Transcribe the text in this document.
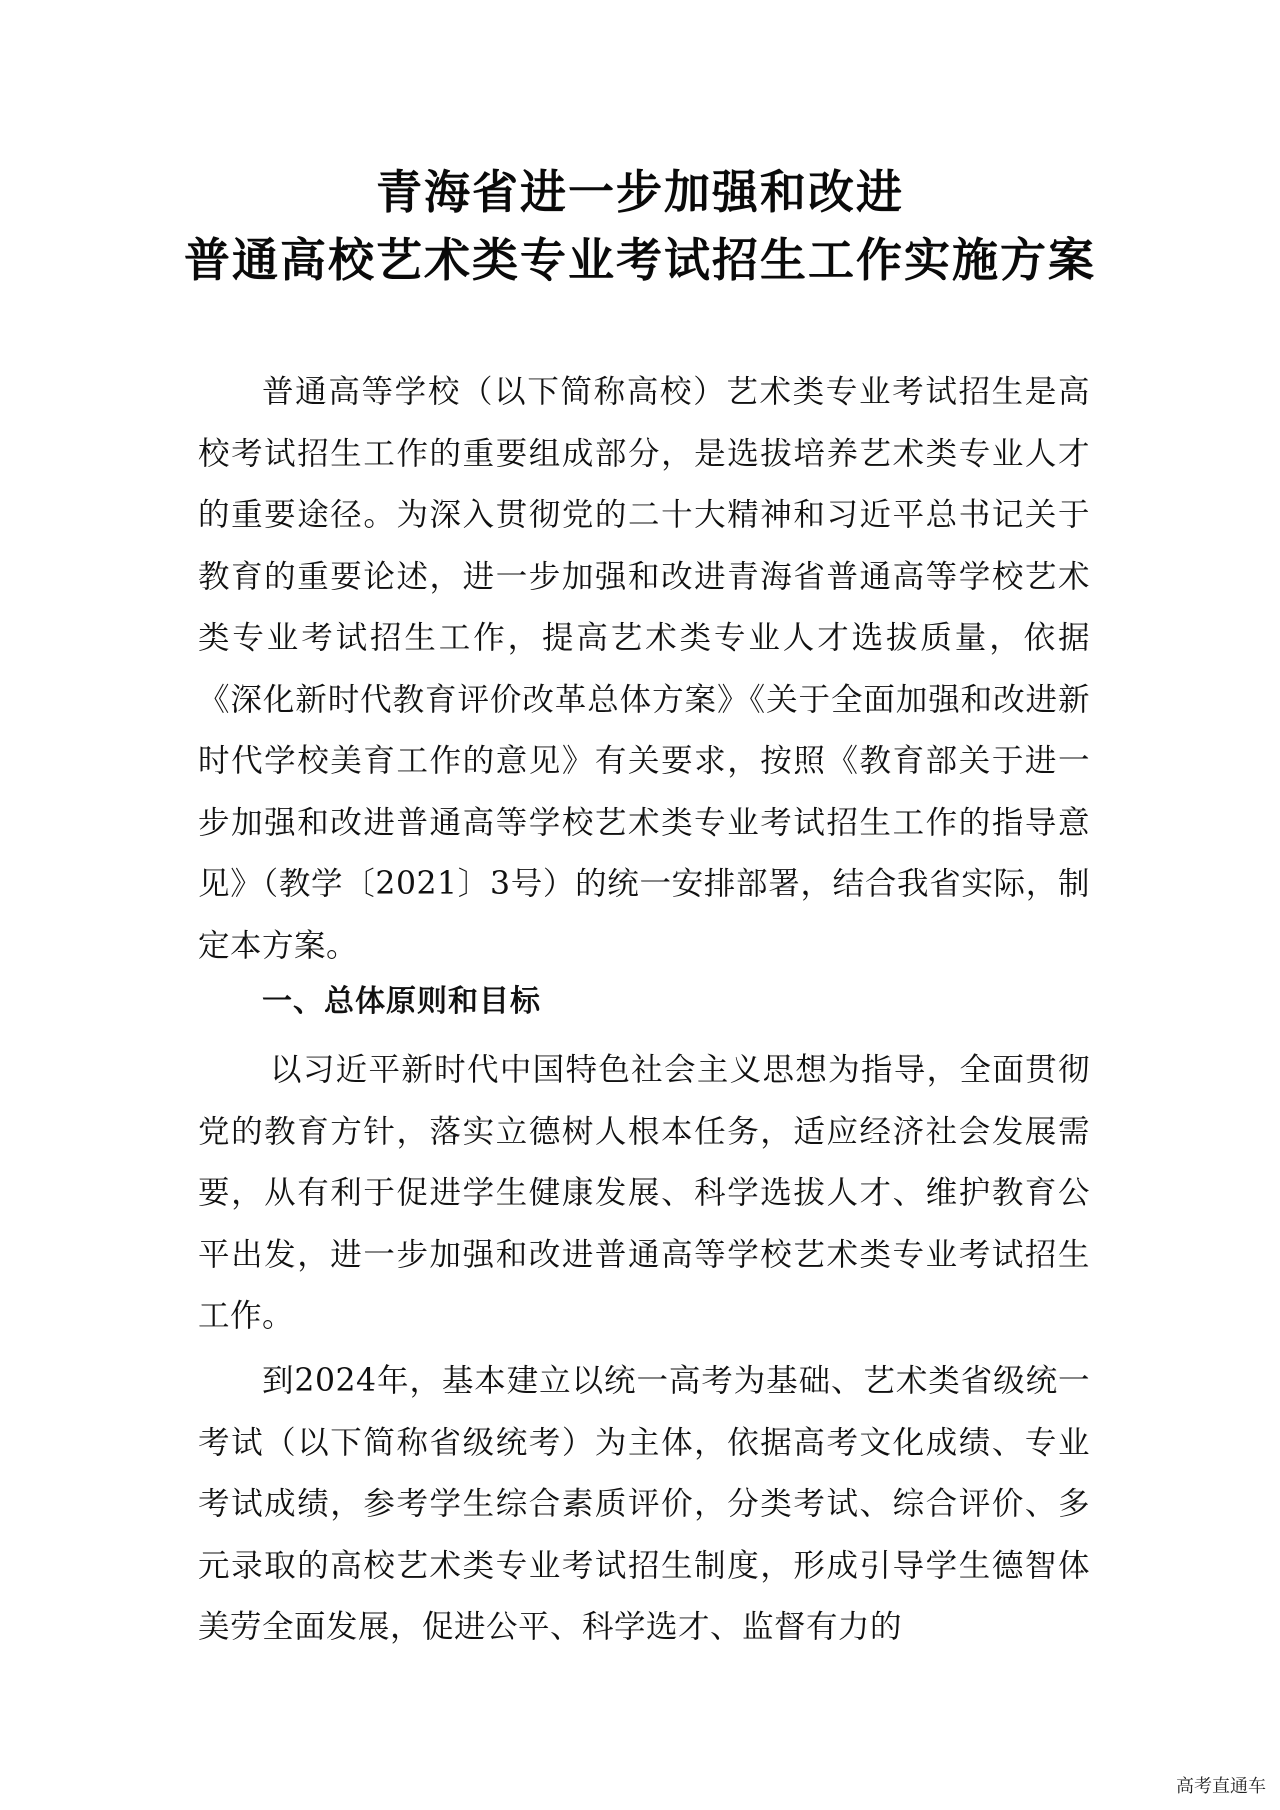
青海省进一步加强和改进
普通高校艺术类专业考试招生工作实施方案

普通高等学校（以下简称高校）艺术类专业考试招生是高校考试招生工作的重要组成部分，是选拔培养艺术类专业人才的重要途径。为深入贯彻党的二十大精神和习近平总书记关于教育的重要论述，进一步加强和改进青海省普通高等学校艺术类专业考试招生工作，提高艺术类专业人才选拔质量，依据《深化新时代教育评价改革总体方案》《关于全面加强和改进新时代学校美育工作的意见》有关要求，按照《教育部关于进一步加强和改进普通高等学校艺术类专业考试招生工作的指导意见》（教学〔2021〕3号）的统一安排部署，结合我省实际，制定本方案。

一、总体原则和目标

以习近平新时代中国特色社会主义思想为指导，全面贯彻党的教育方针，落实立德树人根本任务，适应经济社会发展需要，从有利于促进学生健康发展、科学选拔人才、维护教育公平出发，进一步加强和改进普通高等学校艺术类专业考试招生工作。

到2024年，基本建立以统一高考为基础、艺术类省级统一考试（以下简称省级统考）为主体，依据高考文化成绩、专业考试成绩，参考学生综合素质评价，分类考试、综合评价、多元录取的高校艺术类专业考试招生制度，形成引导学生德智体美劳全面发展，促进公平、科学选才、监督有力的

高考直通车
